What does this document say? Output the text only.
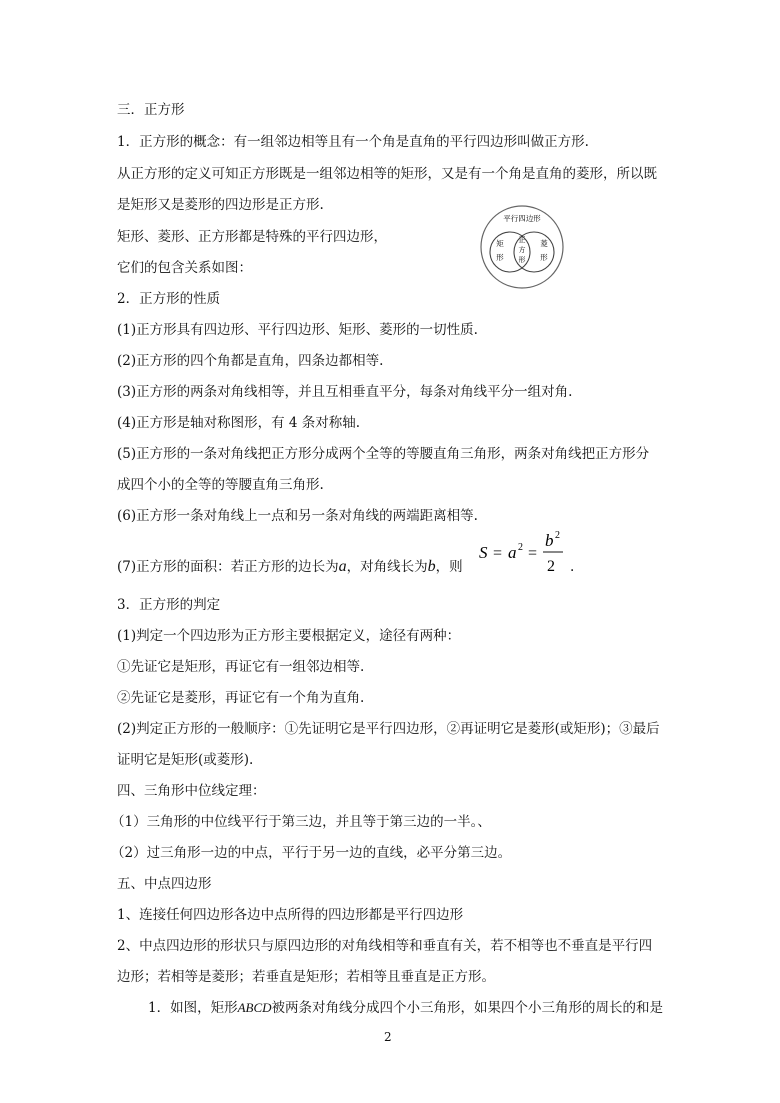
三．正方形
1．正方形的概念：有一组邻边相等且有一个角是直角的平行四边形叫做正方形.
从正方形的定义可知正方形既是一组邻边相等的矩形，又是有一个角是直角的菱形，所以既
是矩形又是菱形的四边形是正方形.
矩形、菱形、正方形都是特殊的平行四边形，
它们的包含关系如图：
2．正方形的性质
(1)正方形具有四边形、平行四边形、矩形、菱形的一切性质.
(2)正方形的四个角都是直角，四条边都相等.
(3)正方形的两条对角线相等，并且互相垂直平分，每条对角线平分一组对角.
(4)正方形是轴对称图形，有 4 条对称轴.
(5)正方形的一条对角线把正方形分成两个全等的等腰直角三角形，两条对角线把正方形分
成四个小的全等的等腰直角三角形.
(6)正方形一条对角线上一点和另一条对角线的两端距离相等.
(7)正方形的面积：若正方形的边长为a，对角线长为b，则	.
S = a 2 =
b 2
2
3．正方形的判定
(1)判定一个四边形为正方形主要根据定义，途径有两种：
①先证它是矩形，再证它有一组邻边相等.
②先证它是菱形，再证它有一个角为直角.
(2)判定正方形的一般顺序：①先证明它是平行四边形，②再证明它是菱形(或矩形)；③最后
证明它是矩形(或菱形).
四、三角形中位线定理：
（1）三角形的中位线平行于第三边，并且等于第三边的一半。、
（2）过三角形一边的中点，平行于另一边的直线，必平分第三边。
五、中点四边形
1、连接任何四边形各边中点所得的四边形都是平行四边形
2、中点四边形的形状只与原四边形的对角线相等和垂直有关，若不相等也不垂直是平行四
边形；若相等是菱形；若垂直是矩形；若相等且垂直是正方形。
1．如图，矩形ABCD被两条对角线分成四个小三角形，如果四个小三角形的周长的和是
2
平行四边形
矩
形
菱
形
正
方
形
